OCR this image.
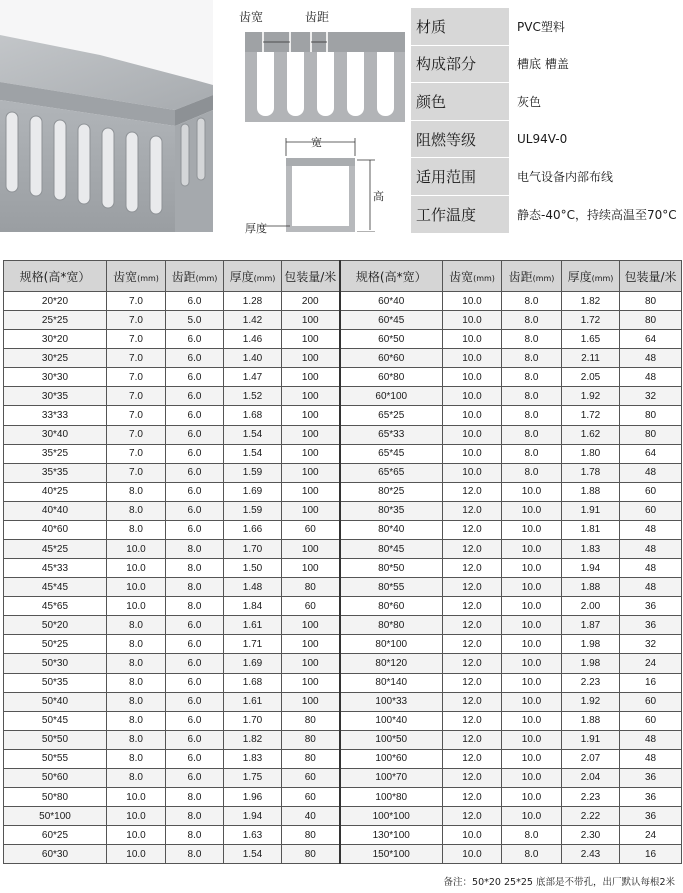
齿宽	齿距
宽
高
厚度
材质	PVC塑料
构成部分	槽底 槽盖
颜色	灰色
阻燃等级	UL94V-0
适用范围	电气设备内部布线
工作温度	静态-40°C，持续高温至70°C
规格(高*宽）	齿宽(mm)	齿距(mm)	厚度(mm)	包装量/米	规格(高*宽）	齿宽(mm)	齿距(mm)	厚度(mm)	包装量/米
20*20	7.0	6.0	1.28	200	60*40	10.0	8.0	1.82	80
25*25	7.0	5.0	1.42	100	60*45	10.0	8.0	1.72	80
30*20	7.0	6.0	1.46	100	60*50	10.0	8.0	1.65	64
30*25	7.0	6.0	1.40	100	60*60	10.0	8.0	2.11	48
30*30	7.0	6.0	1.47	100	60*80	10.0	8.0	2.05	48
30*35	7.0	6.0	1.52	100	60*100	10.0	8.0	1.92	32
33*33	7.0	6.0	1.68	100	65*25	10.0	8.0	1.72	80
30*40	7.0	6.0	1.54	100	65*33	10.0	8.0	1.62	80
35*25	7.0	6.0	1.54	100	65*45	10.0	8.0	1.80	64
35*35	7.0	6.0	1.59	100	65*65	10.0	8.0	1.78	48
40*25	8.0	6.0	1.69	100	80*25	12.0	10.0	1.88	60
40*40	8.0	6.0	1.59	100	80*35	12.0	10.0	1.91	60
40*60	8.0	6.0	1.66	60	80*40	12.0	10.0	1.81	48
45*25	10.0	8.0	1.70	100	80*45	12.0	10.0	1.83	48
45*33	10.0	8.0	1.50	100	80*50	12.0	10.0	1.94	48
45*45	10.0	8.0	1.48	80	80*55	12.0	10.0	1.88	48
45*65	10.0	8.0	1.84	60	80*60	12.0	10.0	2.00	36
50*20	8.0	6.0	1.61	100	80*80	12.0	10.0	1.87	36
50*25	8.0	6.0	1.71	100	80*100	12.0	10.0	1.98	32
50*30	8.0	6.0	1.69	100	80*120	12.0	10.0	1.98	24
50*35	8.0	6.0	1.68	100	80*140	12.0	10.0	2.23	16
50*40	8.0	6.0	1.61	100	100*33	12.0	10.0	1.92	60
50*45	8.0	6.0	1.70	80	100*40	12.0	10.0	1.88	60
50*50	8.0	6.0	1.82	80	100*50	12.0	10.0	1.91	48
50*55	8.0	6.0	1.83	80	100*60	12.0	10.0	2.07	48
50*60	8.0	6.0	1.75	60	100*70	12.0	10.0	2.04	36
50*80	10.0	8.0	1.96	60	100*80	12.0	10.0	2.23	36
50*100	10.0	8.0	1.94	40	100*100	12.0	10.0	2.22	36
60*25	10.0	8.0	1.63	80	130*100	10.0	8.0	2.30	24
60*30	10.0	8.0	1.54	80	150*100	10.0	8.0	2.43	16
备注：50*20 25*25 底部是不带孔，出厂默认每根2米
